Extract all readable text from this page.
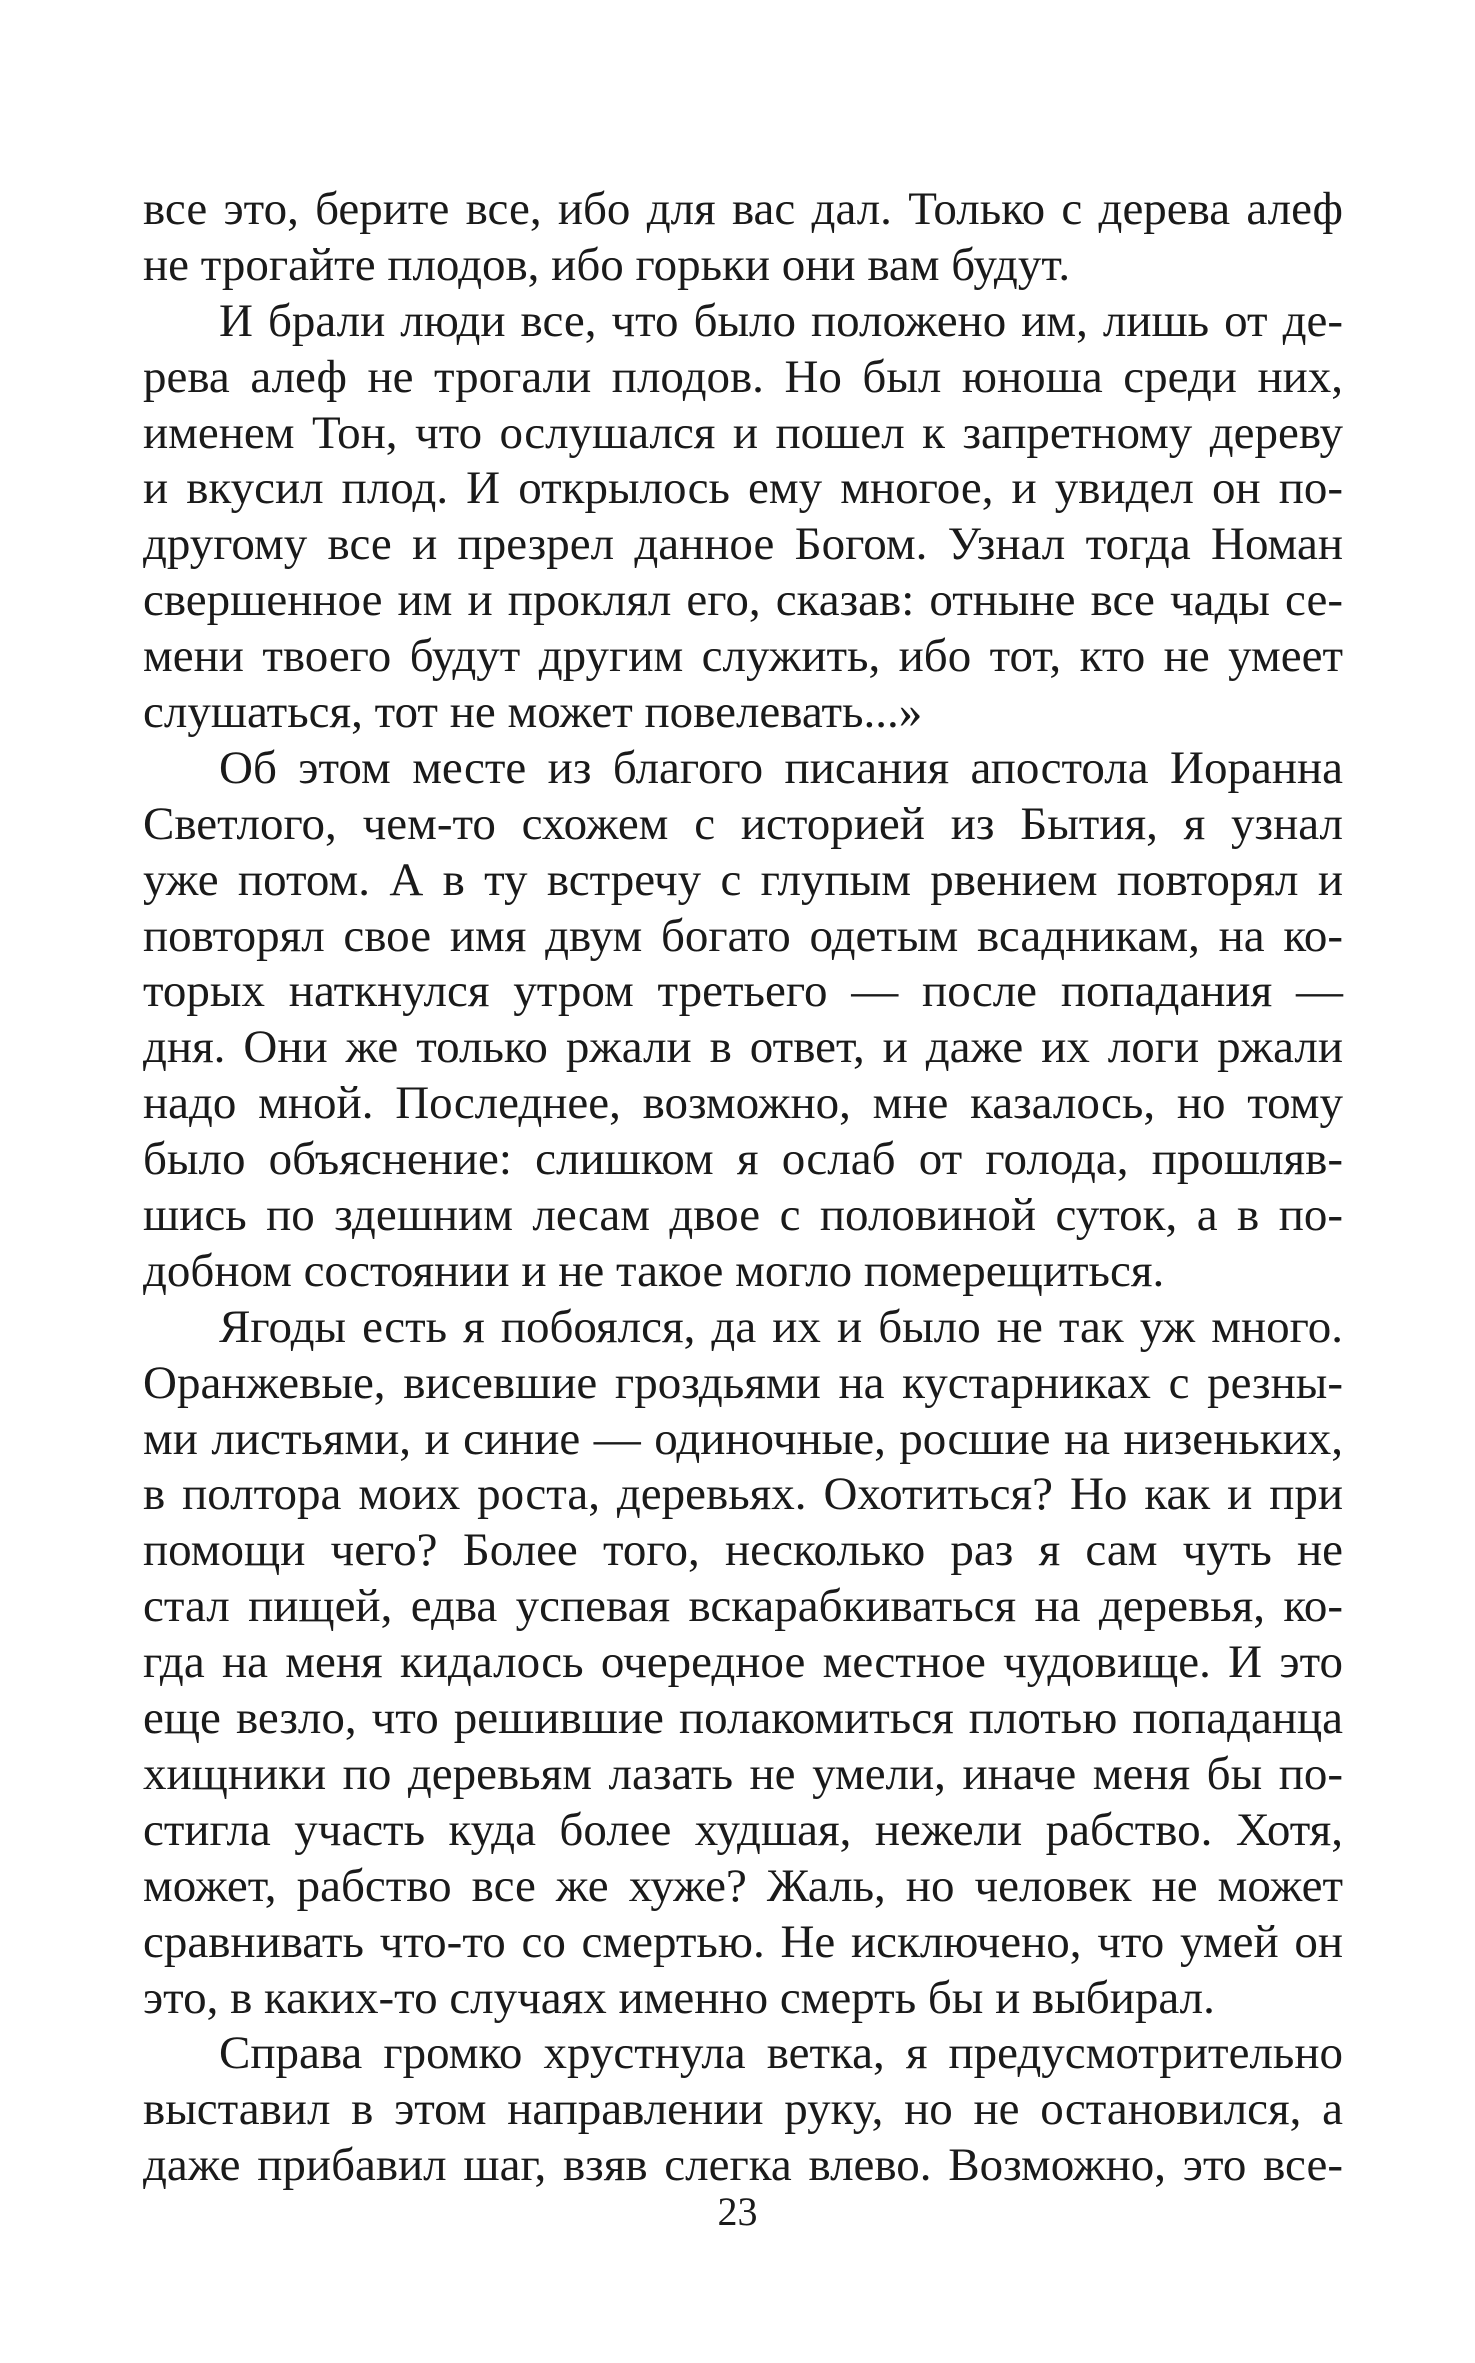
все это, берите все, ибо для вас дал. Только с дерева алеф
не трогайте плодов, ибо горьки они вам будут.
И брали люди все, что было положено им, лишь от де-
рева алеф не трогали плодов. Но был юноша среди них,
именем Тон, что ослушался и пошел к запретному дереву
и вкусил плод. И открылось ему многое, и увидел он по-
другому все и презрел данное Богом. Узнал тогда Номан
свершенное им и проклял его, сказав: отныне все чады се-
мени твоего будут другим служить, ибо тот, кто не умеет
слушаться, тот не может повелевать...»
Об этом месте из благого писания апостола Иоранна
Светлого, чем-то схожем с историей из Бытия, я узнал
уже потом. А в ту встречу с глупым рвением повторял и
повторял свое имя двум богато одетым всадникам, на ко-
торых наткнулся утром третьего — после попадания —
дня. Они же только ржали в ответ, и даже их логи ржали
надо мной. Последнее, возможно, мне казалось, но тому
было объяснение: слишком я ослаб от голода, прошляв-
шись по здешним лесам двое с половиной суток, а в по-
добном состоянии и не такое могло померещиться.
Ягоды есть я побоялся, да их и было не так уж много.
Оранжевые, висевшие гроздьями на кустарниках с резны-
ми листьями, и синие — одиночные, росшие на низеньких,
в полтора моих роста, деревьях. Охотиться? Но как и при
помощи чего? Более того, несколько раз я сам чуть не
стал пищей, едва успевая вскарабкиваться на деревья, ко-
гда на меня кидалось очередное местное чудовище. И это
еще везло, что решившие полакомиться плотью попаданца
хищники по деревьям лазать не умели, иначе меня бы по-
стигла участь куда более худшая, нежели рабство. Хотя,
может, рабство все же хуже? Жаль, но человек не может
сравнивать что-то со смертью. Не исключено, что умей он
это, в каких-то случаях именно смерть бы и выбирал.
Справа громко хрустнула ветка, я предусмотрительно
выставил в этом направлении руку, но не остановился, а
даже прибавил шаг, взяв слегка влево. Возможно, это все-
23
